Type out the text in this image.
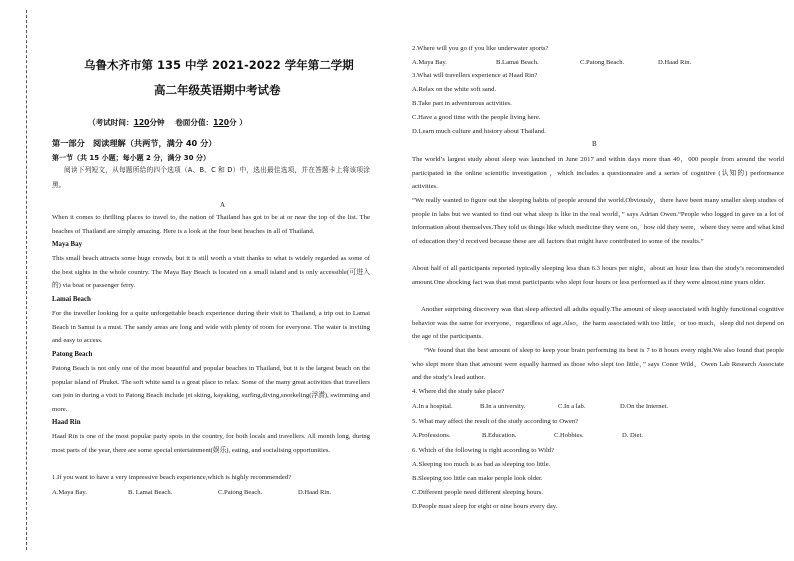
乌鲁木齐市第 135 中学 2021-2022 学年第二学期
高二年级英语期中考试卷
（考试时间：120分钟 卷面分值：120分 ）
第一部分　阅读理解（共两节，满分 40 分）
第一节（共 15 小题；每小题 2 分，满分 30 分）
阅读下列短文，从每题所给的四个选项（A、B、C 和 D）中，选出最佳选项，并在答题卡上将该项涂黑。
A
When it comes to thrilling places to travel to, the nation of Thailand has got to be at or near the top of the list. The beaches of Thailand are simply amazing. Here is a look at the four best beaches in all of Thailand.
Maya Bay
This small beach attracts some huge crowds, but it is still worth a visit thanks to what is widely regarded as some of the best sights in the whole country. The Maya Bay Beach is located on a small island and is only accessible(可进入的) via boat or passenger ferry.
Lamai Beach
For the traveller looking for a quite unforgettable beach experience during their visit to Thailand, a trip out to Lamai Beach in Samui is a must. The sandy areas are long and wide with plenty of room for everyone. The water is inviting and easy to access.
Patong Beach
Patong Beach is not only one of the most beautiful and popular beaches in Thailand, but it is the largest beach on the popular island of Phuket. The soft white sand is a great place to relax. Some of the many great activities that travellers can join in during a visit to Patong Beach include jet skiing, kayaking, surfing,diving,snorkeling(浮潜), swimming and more.
Haad Rin
Haad Rin is one of the most popular party spots in the country, for both locals and travellers. All month long, during most parts of the year, there are some special entertainment(娱乐), eating, and socialising opportunities.
1.If you want to have a very impressive beach experience,which is highly recommended?
A.Maya Bay.	B. Lamai Beach.	C.Patong Beach.	D.Haad Rin.
2.Where will you go if you like underwater sports?
A.Maya Bay.	B.Lamai Beach.	C.Patong Beach.	D.Haad Rin.
3.What will travellers experience at Haad Rin?
A.Relax on the white soft sand.
B.Take part in adventurous activities.
C.Have a good time with the people living here.
D.Learn much culture and history about Thailand.
B
The world’s largest study about sleep was launched in June 2017 and within days more than 40，000 people from around the world participated in the online scientific investigation ，which includes a questionnaire and a series of cognitive (认知的) performance activities.
“We really wanted to figure out the sleeping habits of people around the world.Obviously，there have been many smaller sleep studies of people in labs but we wanted to find out what sleep is like in the real world，” says Adrian Owen.“People who logged in gave us a lot of information about themselves.They told us things like which medicine they were on，how old they were，where they were and what kind of education they’d received because these are all factors that might have contributed to some of the results.”
About half of all participants reported typically sleeping less than 6.3 hours per night，about an hour less than the study’s recommended amount.One shocking fact was that most participants who slept four hours or less performed as if they were almost nine years older.
Another surprising discovery was that sleep affected all adults equally.The amount of sleep associated with highly functional cognitive behavior was the same for everyone，regardless of age.Also，the harm associated with too little，or too much，sleep did not depend on the age of the participants.
“We found that the best amount of sleep to keep your brain performing its best is 7 to 8 hours every night.We also found that people who slept more than that amount were equally harmed as those who slept too little，” says Conor Wild，Owen Lab Research Associate and the study’s lead author.
4. Where did the study take place?
A.In a hospital.	B.In a university.	C.In a lab.	D.On the Internet.
5. What may affect the result of the study according to Owen?
A.Professions.	B.Education.	C.Hobbies.	D. Diet.
6. Which of the following is right according to Wild?
A.Sleeping too much is as bad as sleeping too little.
B.Sleeping too little can make people look older.
C.Different people need different sleeping hours.
D.People must sleep for eight or nine hours every day.
